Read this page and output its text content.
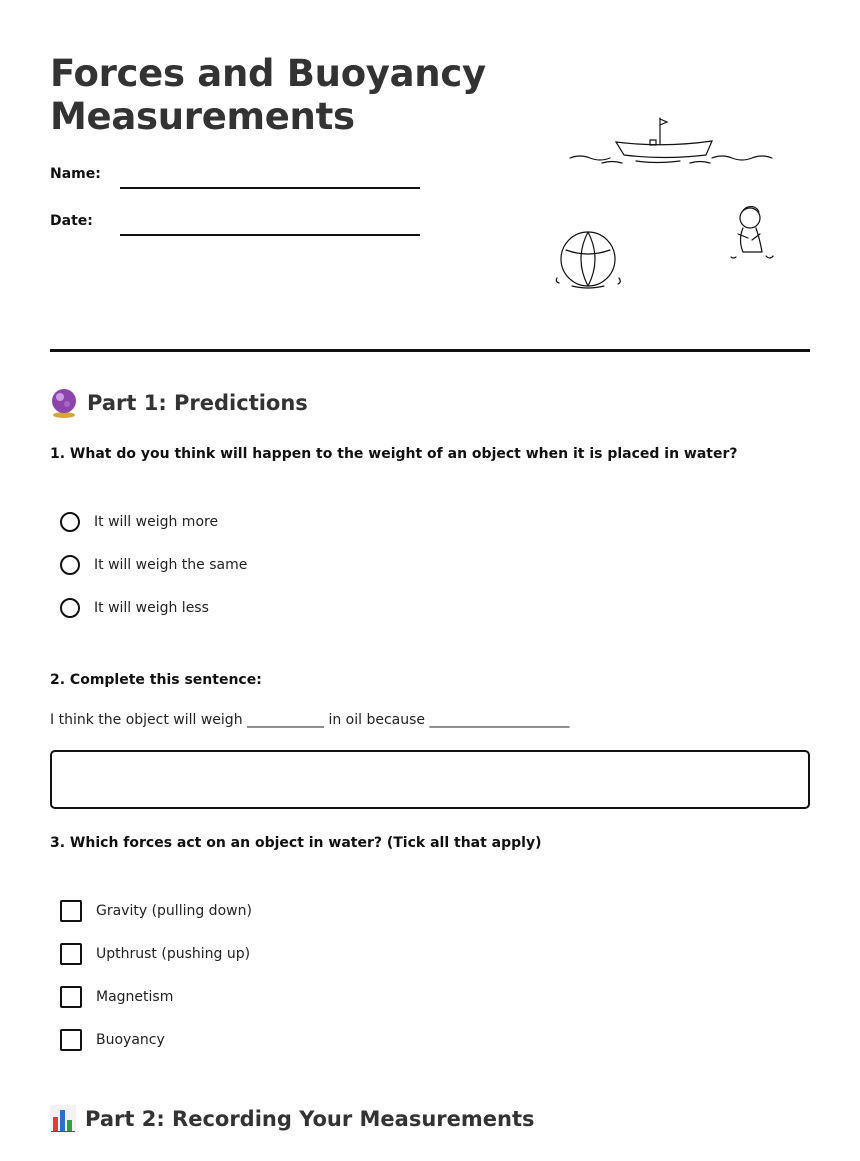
Forces and Buoyancy Measurements
Name:
Date:
Part 1: Predictions
1. What do you think will happen to the weight of an object when it is placed in water?
It will weigh more
It will weigh the same
It will weigh less
2. Complete this sentence:
I think the object will weigh ___________ in oil because ____________________
3. Which forces act on an object in water? (Tick all that apply)
Gravity (pulling down)
Upthrust (pushing up)
Magnetism
Buoyancy
Part 2: Recording Your Measurements
